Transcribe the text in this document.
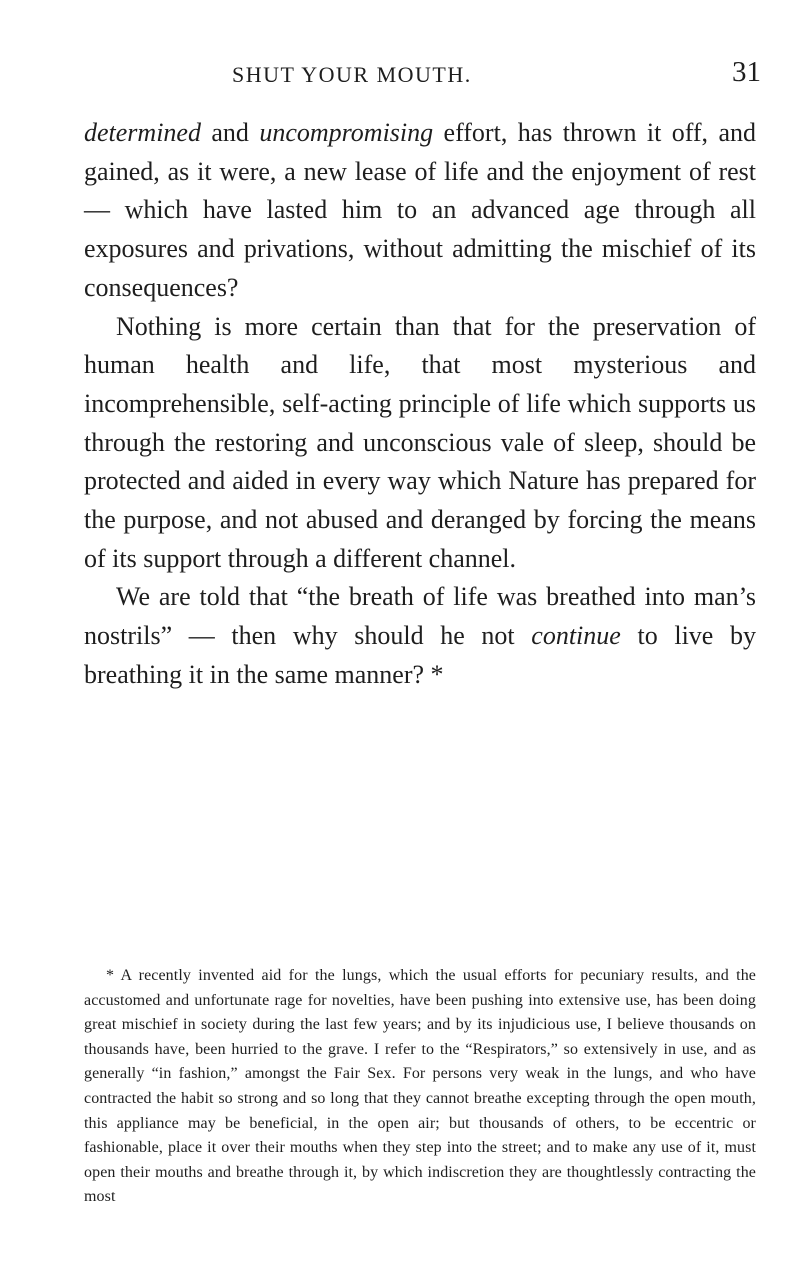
SHUT YOUR MOUTH.	31

determined and uncompromising effort, has thrown it off, and gained, as it were, a new lease of life and the enjoyment of rest — which have lasted him to an advanced age through all exposures and privations, without admitting the mischief of its consequences?

Nothing is more certain than that for the preservation of human health and life, that most mysterious and incomprehensible, self-acting principle of life which supports us through the restoring and unconscious vale of sleep, should be protected and aided in every way which Nature has prepared for the purpose, and not abused and deranged by forcing the means of its support through a different channel.

We are told that “the breath of life was breathed into man’s nostrils” — then why should he not continue to live by breathing it in the same manner? *

* A recently invented aid for the lungs, which the usual efforts for pecuniary results, and the accustomed and unfortunate rage for novelties, have been pushing into extensive use, has been doing great mischief in society during the last few years; and by its injudicious use, I believe thousands on thousands have, been hurried to the grave. I refer to the “Respirators,” so extensively in use, and as generally “in fashion,” amongst the Fair Sex. For persons very weak in the lungs, and who have contracted the habit so strong and so long that they cannot breathe excepting through the open mouth, this appliance may be beneficial, in the open air; but thousands of others, to be eccentric or fashionable, place it over their mouths when they step into the street; and to make any use of it, must open their mouths and breathe through it, by which indiscretion they are thoughtlessly contracting the most
